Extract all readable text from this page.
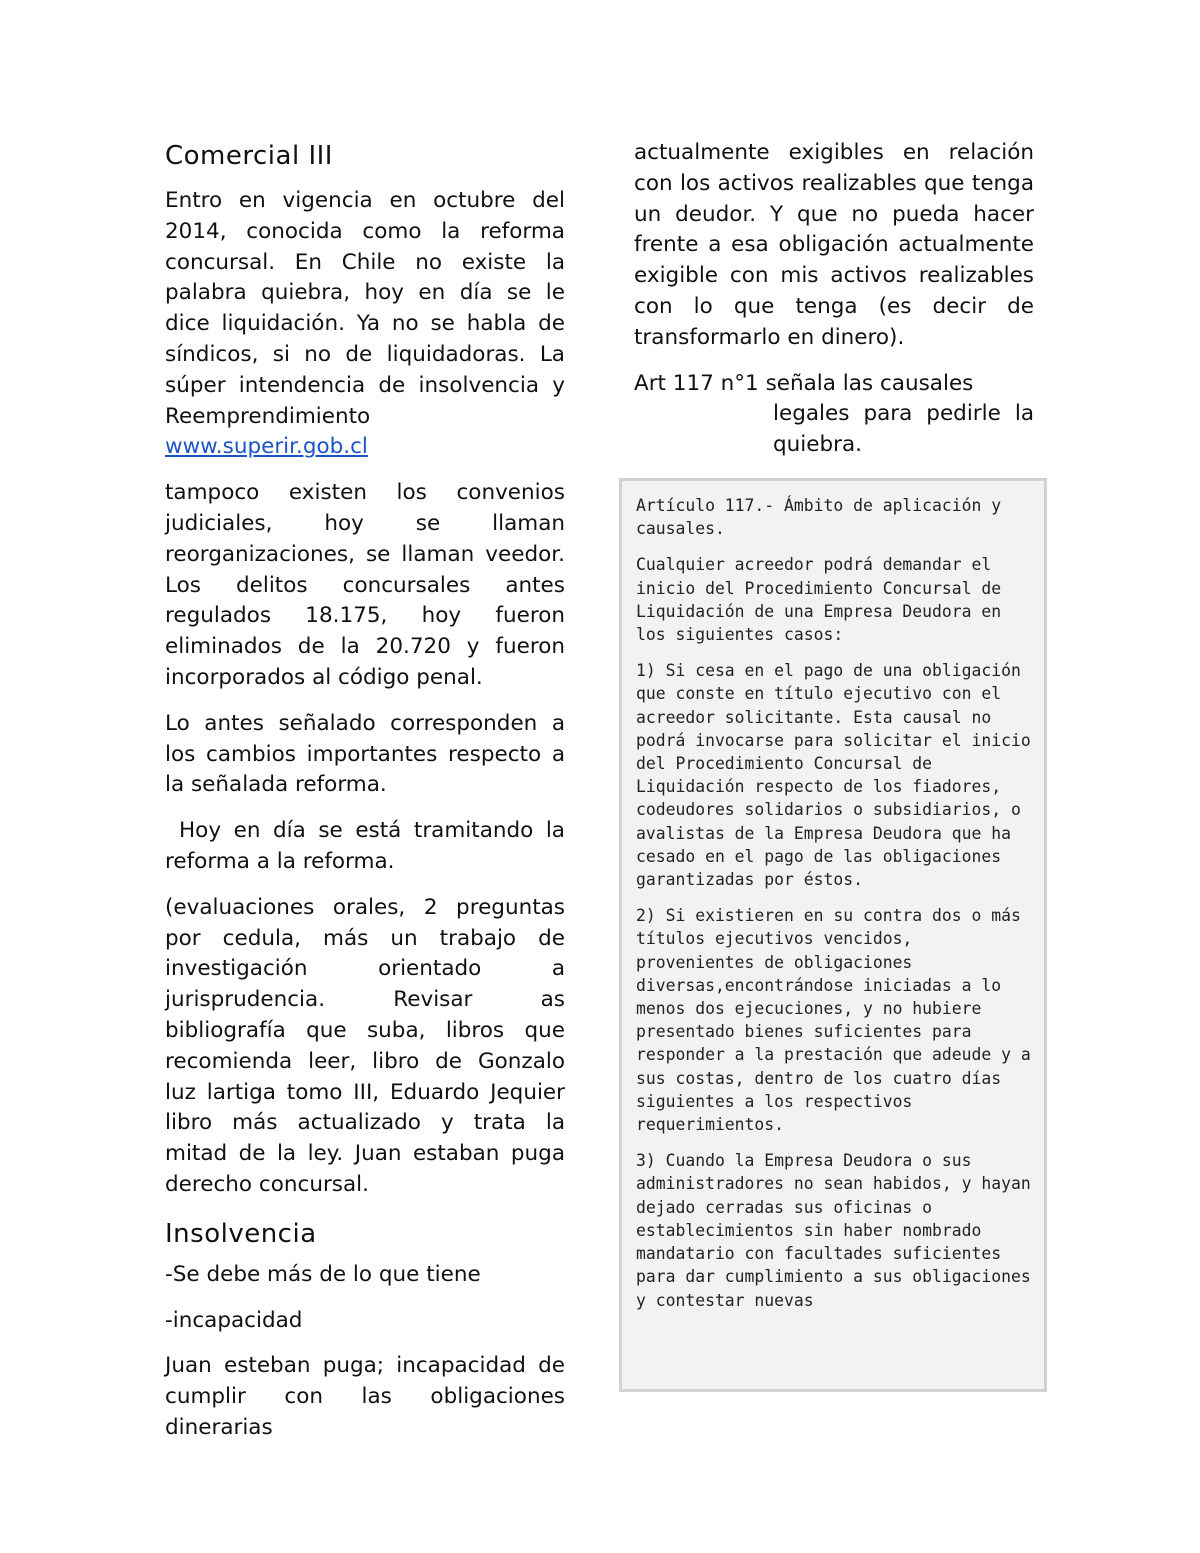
Comercial III

Entro en vigencia en octubre del 2014, conocida como la reforma concursal. En Chile no existe la palabra quiebra, hoy en día se le dice liquidación. Ya no se habla de síndicos, si no de liquidadoras. La súper intendencia de insolvencia y Reemprendimiento

www.superir.gob.cl

tampoco existen los convenios judiciales, hoy se llaman reorganizaciones, se llaman veedor. Los delitos concursales antes regulados 18.175, hoy fueron eliminados de la 20.720 y fueron incorporados al código penal.

Lo antes señalado corresponden a los cambios importantes respecto a la señalada reforma.

Hoy en día se está tramitando la reforma a la reforma.

(evaluaciones orales, 2 preguntas por cedula, más un trabajo de investigación orientado a jurisprudencia. Revisar as bibliografía que suba, libros que recomienda leer, libro de Gonzalo luz lartiga tomo III, Eduardo Jequier libro más actualizado y trata la mitad de la ley. Juan estaban puga derecho concursal.

Insolvencia

-Se debe más de lo que tiene

-incapacidad

Juan esteban puga; incapacidad de cumplir con las obligaciones dinerarias

actualmente exigibles en relación con los activos realizables que tenga un deudor. Y que no pueda hacer frente a esa obligación actualmente exigible con mis activos realizables con lo que tenga (es decir de transformarlo en dinero).

Art 117 n°1 señala las causales
legales para pedirle la quiebra.

Artículo 117.- Ámbito de aplicación y causales.

Cualquier acreedor podrá demandar el inicio del Procedimiento Concursal de Liquidación de una Empresa Deudora en los siguientes casos:

1) Si cesa en el pago de una obligación que conste en título ejecutivo con el acreedor solicitante. Esta causal no podrá invocarse para solicitar el inicio del Procedimiento Concursal de Liquidación respecto de los fiadores, codeudores solidarios o subsidiarios, o avalistas de la Empresa Deudora que ha cesado en el pago de las obligaciones garantizadas por éstos.

2) Si existieren en su contra dos o más títulos ejecutivos vencidos, provenientes de obligaciones diversas,encontrándose iniciadas a lo menos dos ejecuciones, y no hubiere presentado bienes suficientes para responder a la prestación que adeude y a sus costas, dentro de los cuatro días siguientes a los respectivos requerimientos.

3) Cuando la Empresa Deudora o sus administradores no sean habidos, y hayan dejado cerradas sus oficinas o establecimientos sin haber nombrado mandatario con facultades suficientes para dar cumplimiento a sus obligaciones y contestar nuevas
